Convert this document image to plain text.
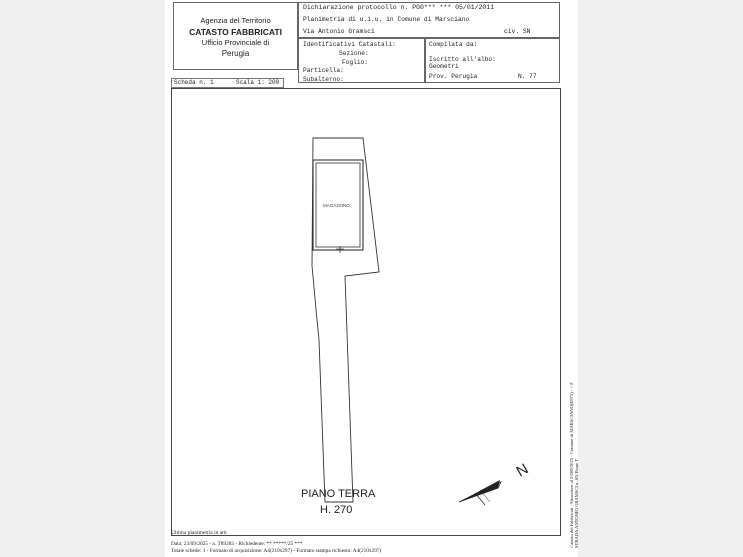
Agenzia del Territorio
CATASTO FABBRICATI
Ufficio Provinciale di
Perugia
Dichiarazione protocollo n. PG0*** *** 05/01/2011
Planimetria di u.i.u. in Comune di Marsciano
Via Antonio Gramsci	civ. SN
Identificativi Catastali:
Sezione:
Foglio:
Particella:
Subalterno:
Compilata da:
Iscritto all'albo:
Geometri
Prov. Perugia	N. 77
Scheda n. 1	Scala 1: 200
MAGAZZINO
N
PIANO TERRA
H. 270
Ultima planimetria in atti
Data: 23/09/2025 - n. T89283 - Richiedente: ** *****/25 ***
Totale schede: 1 - Formato di acquisizione: A4(210x297) - Formato stampa richiesto: A4(210x297)
Catasto dei Fabbricati - Situazione al 23/09/2025 - Comune di MARSCIANO(E975) - < F STRADA ANTONIO GRAMSCI n. SN Piano T
